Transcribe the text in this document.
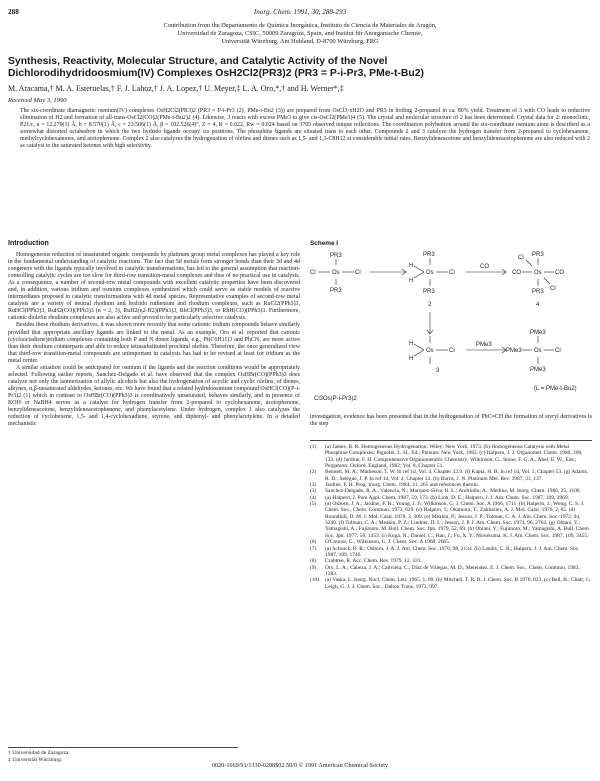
288	Inorg. Chem. 1991, 30, 288-293
Contribution from the Departamento de Química Inorgánica, Instituto de Ciencia de Materiales de Aragón,
Universidad de Zaragoza, CSIC, 50009 Zaragoza, Spain, and Institut für Anorganische Chemie,
Universität Würzburg, Am Hubland, D-8700 Würzburg, FRG
Synthesis, Reactivity, Molecular Structure, and Catalytic Activity of the Novel
Dichlorodihydridoosmium(IV) Complexes OsH2Cl2(PR3)2 (PR3 = P-i-Pr3, PMe-t-Bu2)
M. Aracama,† M. A. Esteruelas,† F. J. Lahoz,† J. A. Lopez,† U. Meyer,‡ L. A. Oro,*,† and H. Werner*,‡
Received May 3, 1990
The six-coordinate diamagnetic osmium(IV) complexes OsH2Cl2(PR3)2 (PR3 = P-i-Pr3 (2), PMe-t-Bu2 (3)) are prepared from OsCl3·xH2O and PR3 in boiling 2-propanol in ca. 80% yield. Treatment of 3 with CO leads to reductive elimination of H2 and formation of all-trans-OsCl2(CO)2(PMe-t-Bu2)2 (4). Likewise, 3 reacts with excess PMe3 to give cis-OsCl2(PMe3)4 (5). The crystal and molecular structure of 2 has been determined. Crystal data for 2: monoclinic, P21/c, a = 12.279(1) Å, b = 8.570(1) Å, c = 23.506(1) Å, β = 102.526(4)°, Z = 4, R = 0.022, Rw = 0.024 based on 3705 observed unique reflections. The coordination polyhedron around the six-coordinate osmium atom is described as a somewhat distorted octahedron in which the two hydrido ligands occupy cis positions. The phosphine ligands are situated trans to each other. Compounds 2 and 3 catalyze the hydrogen transfer from 2-propanol to cyclohexanone, methylcyclohexanones, and acetophenone. Complex 2 also catalyzes the hydrogenation of olefins and dienes such as 1,5- and 1,3-C8H12 at considerable initial rates. Benzylideneacetone and benzylideneacetophenone are also reduced with 2 as catalyst to the saturated ketones with high selectivity.
Introduction

Homogeneous reduction of unsaturated organic compounds by platinum group metal complexes has played a key role in the fundamental understanding of catalytic reactions. The fact that 5d metals form stronger bonds than their 3d and 4d congeners with the ligands typically involved in catalytic transformations, has led to the general assumption that reaction-controlling catalytic cycles are too slow for third-row transition-metal complexes and thus of no practical use in catalysis. As a consequence, a number of second-row metal compounds with excellent catalytic properties have been discovered and, in addition, various iridium and osmium complexes synthesized which could serve as stable models of reactive intermediates proposed in catalytic transformations with 4d metal species. Representative examples of second-row metal catalysts are a variety of neutral rhodium and hydrido ruthenium and rhodium complexes, such as RuCl2(PPh3)3, RuHCl(PPh3)3, RuH2(CO)(PPh3)3 (n = 2, 3), RuH2(η2-H2)(PPh3)3, RhCl(PPh3)3, or RhH(CO)(PPh3)3. Furthermore, cationic diolefin rhodium complexes are also active and proved to be particularly selective catalysts.

Besides these rhodium derivatives, it was shown more recently that some cationic iridium compounds behave similarly provided that appropriate ancillary ligands are linked to the metal. As an example, Oro et al. reported that cationic (cyclooctadiene)iridium complexes containing both P and N donor ligands, e.g., Pt(C6H11)3 and PhCN, are more active than their rhodium counterparts and able to reduce tetrasubstituted prochiral olefins. Therefore, the once generalized view that third-row transition-metal compounds are unimportant in catalysis has had to be revised at least for iridium as the metal center.

A similar situation could be anticipated for osmium if the ligands and the reaction conditions would be appropriately selected. Following earlier reports, Sanchez-Delgado et al. have observed that the complex OsHBr(CO)(PPh3)3 does catalyze not only the isomerization of allylic alcohols but also the hydrogenation of acyclic and cyclic olefins, of dienes, alkynes, α,β-unsaturated aldehydes, ketones, etc. We have found that a related hydridoosmium compound OsHCl(CO)(P-i-Pr3)2 (1) which in contrast to OsHBr(CO)(PPh3)3 is coordinatively unsaturated, behaves similarly, and in presence of KOH or NaBH4 serves as a catalyst for hydrogen transfer from 2-propanol to cyclohexanone, acetophenone, benzylideneacetone, benzylideneacetophenone, and phenylacetylene. Under hydrogen, complex 1 also catalyzes the reduction of cyclohexene, 1,5- and 1,4-cyclohexadiene, styrene, and diphenyl- and phenylacetylene. In a detailed mechanistic

† Universidad de Zaragoza.
‡ Universität Würzburg.
Scheme I
Os
Cl	Cl
PR3
PR3
Os
H
H
Cl
PR3
PR3
2
CO
Os
CO	CO
PR3
PR3
Cl
Cl
4
Os
H
H
Cl
3
PMe3
Os
PMe3	Cl
PMe3
PMe3
(L = PMe-t-Bu2)
Cl3Os(P-i-Pr3)2
investigation, evidence has been presented that in the hydrogenation of PhC≡CH the formation of styryl derivatives is the step
(1)	(a) James, B. R. Homogeneous Hydrogenation; Wiley: New York, 1973. (b) Homogeneous Catalysis with Metal Phosphine Complexes; Pignolet, L. H., Ed.; Plenum: New York, 1983. (c) Halpern, J. J. Organomet. Chem. 1980, 200, 133. (d) Jardine, F. H. Comprehensive Organometallic Chemistry; Wilkinson, G., Stone, F. G. A., Abel, E. W., Eds.; Pergamon: Oxford, England, 1982; Vol. 8, Chapter 51.
(2)	Bennett, M. A.; Matheson, T. W. In ref 1d, Vol. 4, Chapter 32.9. (f) Kapta, H. B. In ref 1d, Vol. 5, Chapter 53. (g) Adams, R. D.; Selegue, J. P. In ref 1d, Vol. 4, Chapter 33. (h) Burns, J. N. Platinum Met. Rev. 1987, 31, 137.
(3)	Jardine, F. H. Prog. Inorg. Chem. 1984, 31, 265 and references therein.
(3)	Sanchez-Delgado, R. A.; Valencia, N.; Marquez-Silva, R. L.; Andriollo, A.; Medina, M. Inorg. Chem. 1986, 25, 1106.
(4)	(a) Halpern, J. Pure Appl. Chem. 1987, 59, 173. (b) Lion, D. E.; Halpern, J. J. Am. Chem. Soc. 1987, 109, 2969.
(5)	(a) Osborn, J. A.; Jardine, F. H.; Young, J. F.; Wilkinson, G. J. Chem. Soc. A 1966, 1711. (b) Halpern, J.; Wong, C. S. J. Chem. Soc., Chem. Commun. 1973, 629. (c) Halpern, J.; Okamoto, T.; Zakhariev, A. J. Mol. Catal. 1976, 2, 65. (d) Roundhill, D. M. J. Mol. Catal. 1978, 3, 309. (e) Meakin, P.; Jesson, J. P.; Tolman, C. A. J. Am. Chem. Soc. 1972, 94, 3240. (f) Tolman, C. A.; Meakin, P. Z.; Lindner, D. L.; Jesson, J. P. J. Am. Chem. Soc. 1974, 96, 2762. (g) Ohtani, Y.; Yamagishi, A.; Fujimoto, M. Bull. Chem. Soc. Jpn. 1979, 52, 69. (h) Ohtani, Y.; Fujimoto, M.; Yamagishi, A. Bull. Chem. Soc. Jpn. 1977, 50, 1453. (i) Koga, N.; Daniel, C.; Han, J.; Fu, X. Y.; Morokuma, K. J. Am. Chem. Soc. 1987, 109, 3455.
(6)	O'Connor, C.; Wilkinson, G. J. Chem. Soc. A 1968, 2665.
(7)	(a) Schrock, R. R.; Osborn, J. A. J. Am. Chem. Soc. 1976, 98, 2134. (b) Landis, C. R.; Halpern, J. J. Am. Chem. Soc. 1987, 109, 1746.
(8)	Crabtree, R. Acc. Chem. Res. 1979, 12, 331.
(9)	Oro, L. A.; Cabeza, J. A.; Cativiela, C.; Diaz de Villegas, M. D.; Melendez, E. J. Chem. Soc., Chem. Commun. 1983, 1383.
(10)	(a) Vaska, L. Inorg. Nucl. Chem. Lett. 1965, 1, 89. (b) Mitchell, T. R. B. J. Chem. Soc. B 1970, 823. (c) Bell, B.; Chatt, J.; Leigh, G. J. J. Chem. Soc., Dalton Trans. 1973, 997.
0020-1669/91/1330-0288$02.50/0 © 1991 American Chemical Society
